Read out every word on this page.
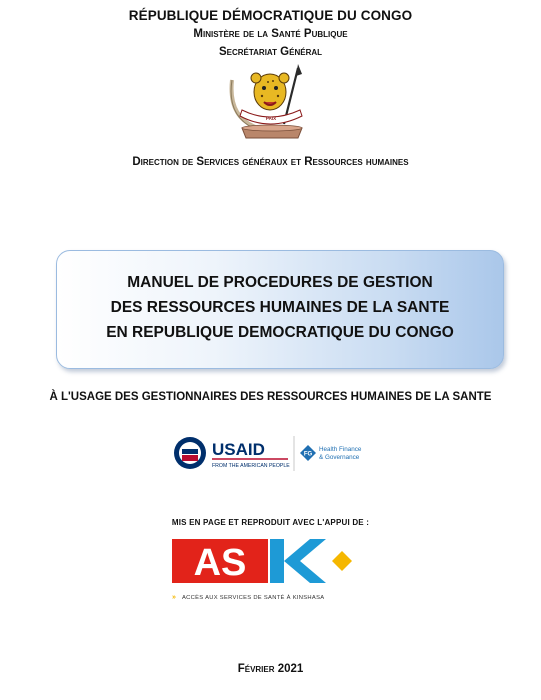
RÉPUBLIQUE DÉMOCRATIQUE DU CONGO
Ministère de la Santé Publique
Secrétariat Général
PAIX
Direction de Services généraux et Ressources humaines
MANUEL DE PROCEDURES DE GESTION
DES RESSOURCES HUMAINES DE LA SANTE
EN REPUBLIQUE DEMOCRATIQUE DU CONGO
À L'USAGE DES GESTIONNAIRES DES RESSOURCES HUMAINES DE LA SANTE
USAID
FROM THE AMERICAN PEOPLE
FG
Health Finance
& Governance
MIS EN PAGE ET REPRODUIT AVEC L'APPUI DE :
AS
» ACCÈS AUX SERVICES DE SANTÉ À KINSHASA
Février 2021
